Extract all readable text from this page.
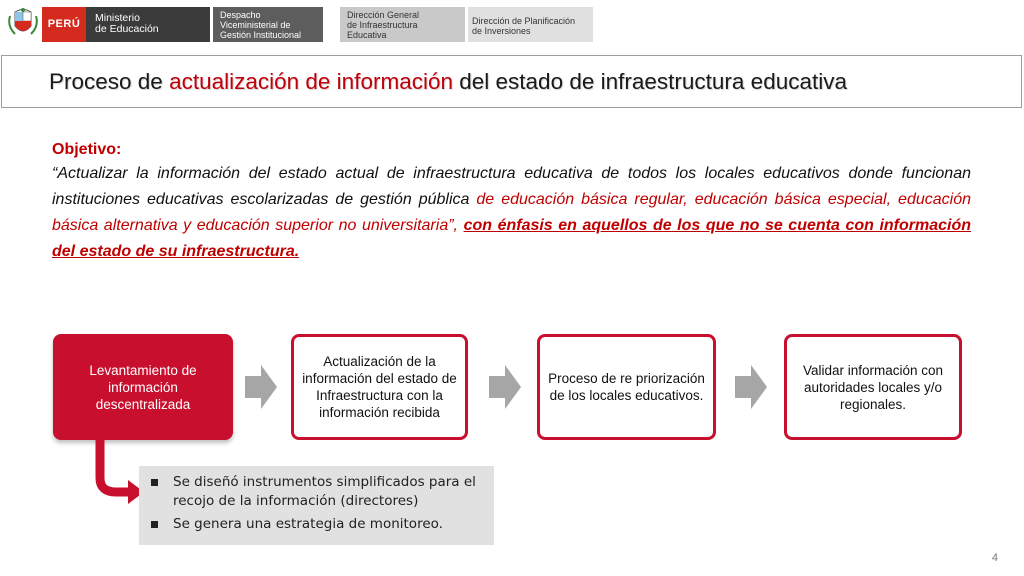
PERÚ	Ministerio
de Educación
Despacho
Viceministerial de
Gestión Institucional
Dirección General
de Infraestructura
Educativa
Dirección de Planificación
de Inversiones
Proceso de actualización de información del estado de infraestructura educativa

Objetivo:

“Actualizar la información del estado actual de infraestructura educativa de todos los locales educativos donde funcionan instituciones educativas escolarizadas de gestión pública de educación básica regular, educación básica especial, educación básica alternativa y educación superior no universitaria”, con énfasis en aquellos de los que no se cuenta con información del estado de su infraestructura.

Levantamiento de información descentralizada
Actualización de la información del estado de Infraestructura con la información recibida
Proceso de re priorización de los locales educativos.
Validar información con autoridades locales y/o regionales.
Se diseñó instrumentos simplificados para el recojo de la información (directores)
Se genera una estrategia de monitoreo.
4
